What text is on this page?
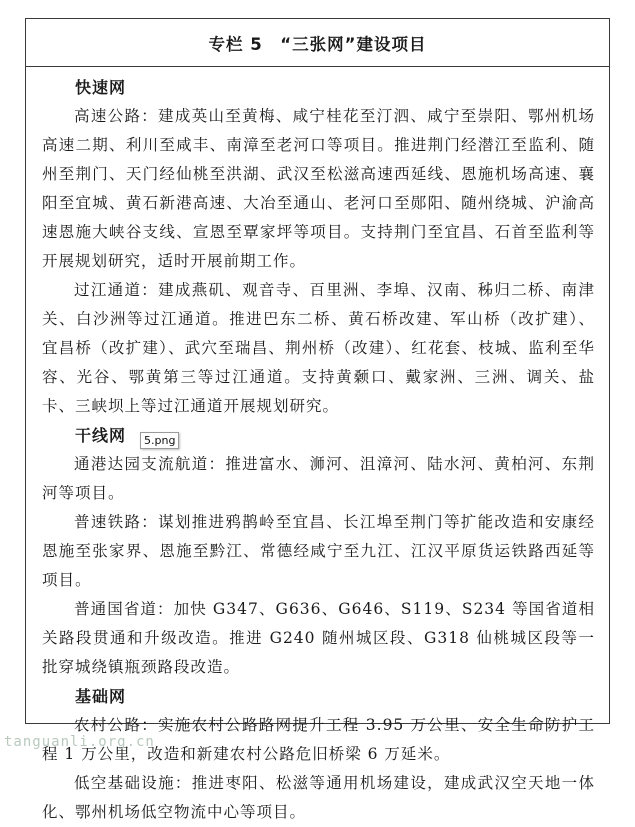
专栏 5　“三张网”建设项目
快速网

高速公路：建成英山至黄梅、咸宁桂花至汀泗、咸宁至崇阳、鄂州机场高速二期、利川至咸丰、南漳至老河口等项目。推进荆门经潜江至监利、随州至荆门、天门经仙桃至洪湖、武汉至松滋高速西延线、恩施机场高速、襄阳至宜城、黄石新港高速、大冶至通山、老河口至郧阳、随州绕城、沪渝高速恩施大峡谷支线、宣恩至覃家坪等项目。支持荆门至宜昌、石首至监利等开展规划研究，适时开展前期工作。

过江通道：建成燕矶、观音寺、百里洲、李埠、汉南、秭归二桥、南津关、白沙洲等过江通道。推进巴东二桥、黄石桥改建、军山桥（改扩建）、宜昌桥（改扩建）、武穴至瑞昌、荆州桥（改建）、红花套、枝城、监利至华容、光谷、鄂黄第三等过江通道。支持黄颡口、戴家洲、三洲、调关、盐卡、三峡坝上等过江通道开展规划研究。

干线网

通港达园支流航道：推进富水、浉河、沮漳河、陆水河、黄柏河、东荆河等项目。

普速铁路：谋划推进鸦鹊岭至宜昌、长江埠至荆门等扩能改造和安康经恩施至张家界、恩施至黔江、常德经咸宁至九江、江汉平原货运铁路西延等项目。

普通国省道：加快 G347、G636、G646、S119、S234 等国省道相关路段贯通和升级改造。推进 G240 随州城区段、G318 仙桃城区段等一批穿城绕镇瓶颈路段改造。

基础网

农村公路：实施农村公路路网提升工程 3.95 万公里、安全生命防护工程 1 万公里，改造和新建农村公路危旧桥梁 6 万延米。

低空基础设施：推进枣阳、松滋等通用机场建设，建成武汉空天地一体化、鄂州机场低空物流中心等项目。

5.png
tanguanli.org.cn
